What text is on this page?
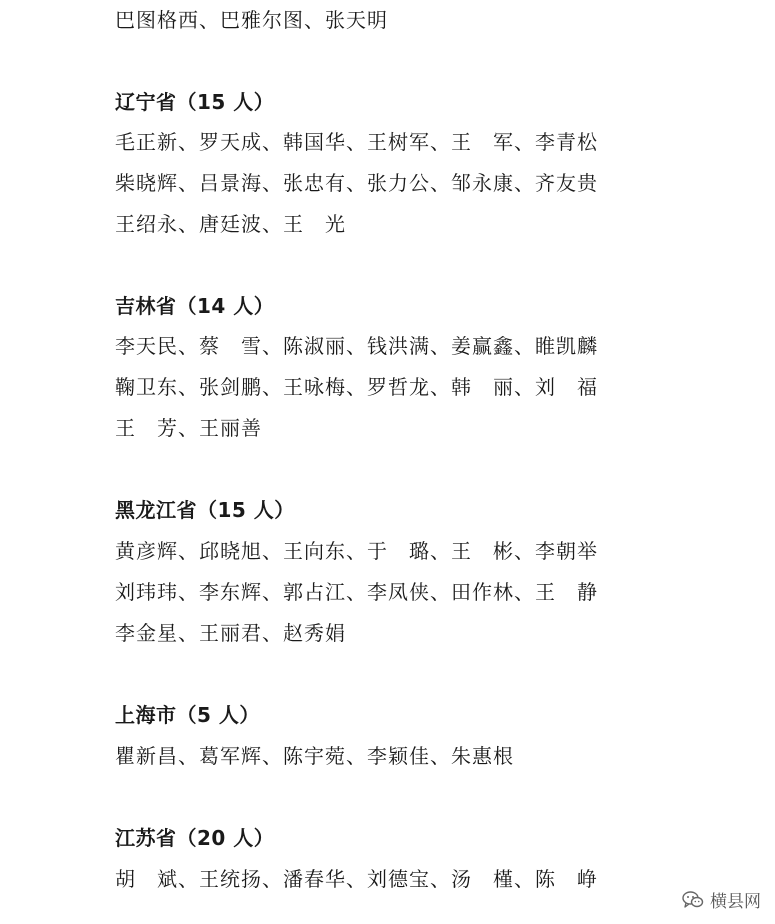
巴图格西、巴雅尔图、张天明
辽宁省（15 人）
毛正新、罗天成、韩国华、王树军、王　军、李青松
柴晓辉、吕景海、张忠有、张力公、邹永康、齐友贵
王绍永、唐廷波、王　光
吉林省（14 人）
李天民、蔡　雪、陈淑丽、钱洪满、姜赢鑫、睢凯麟
鞠卫东、张剑鹏、王咏梅、罗哲龙、韩　丽、刘　福
王　芳、王丽善
黑龙江省（15 人）
黄彦辉、邱晓旭、王向东、于　璐、王　彬、李朝举
刘玮玮、李东辉、郭占江、李凤侠、田作林、王　静
李金星、王丽君、赵秀娟
上海市（5 人）
瞿新昌、葛军辉、陈宇菀、李颖佳、朱惠根
江苏省（20 人）
胡　斌、王统扬、潘春华、刘德宝、汤　槿、陈　峥
横县网
